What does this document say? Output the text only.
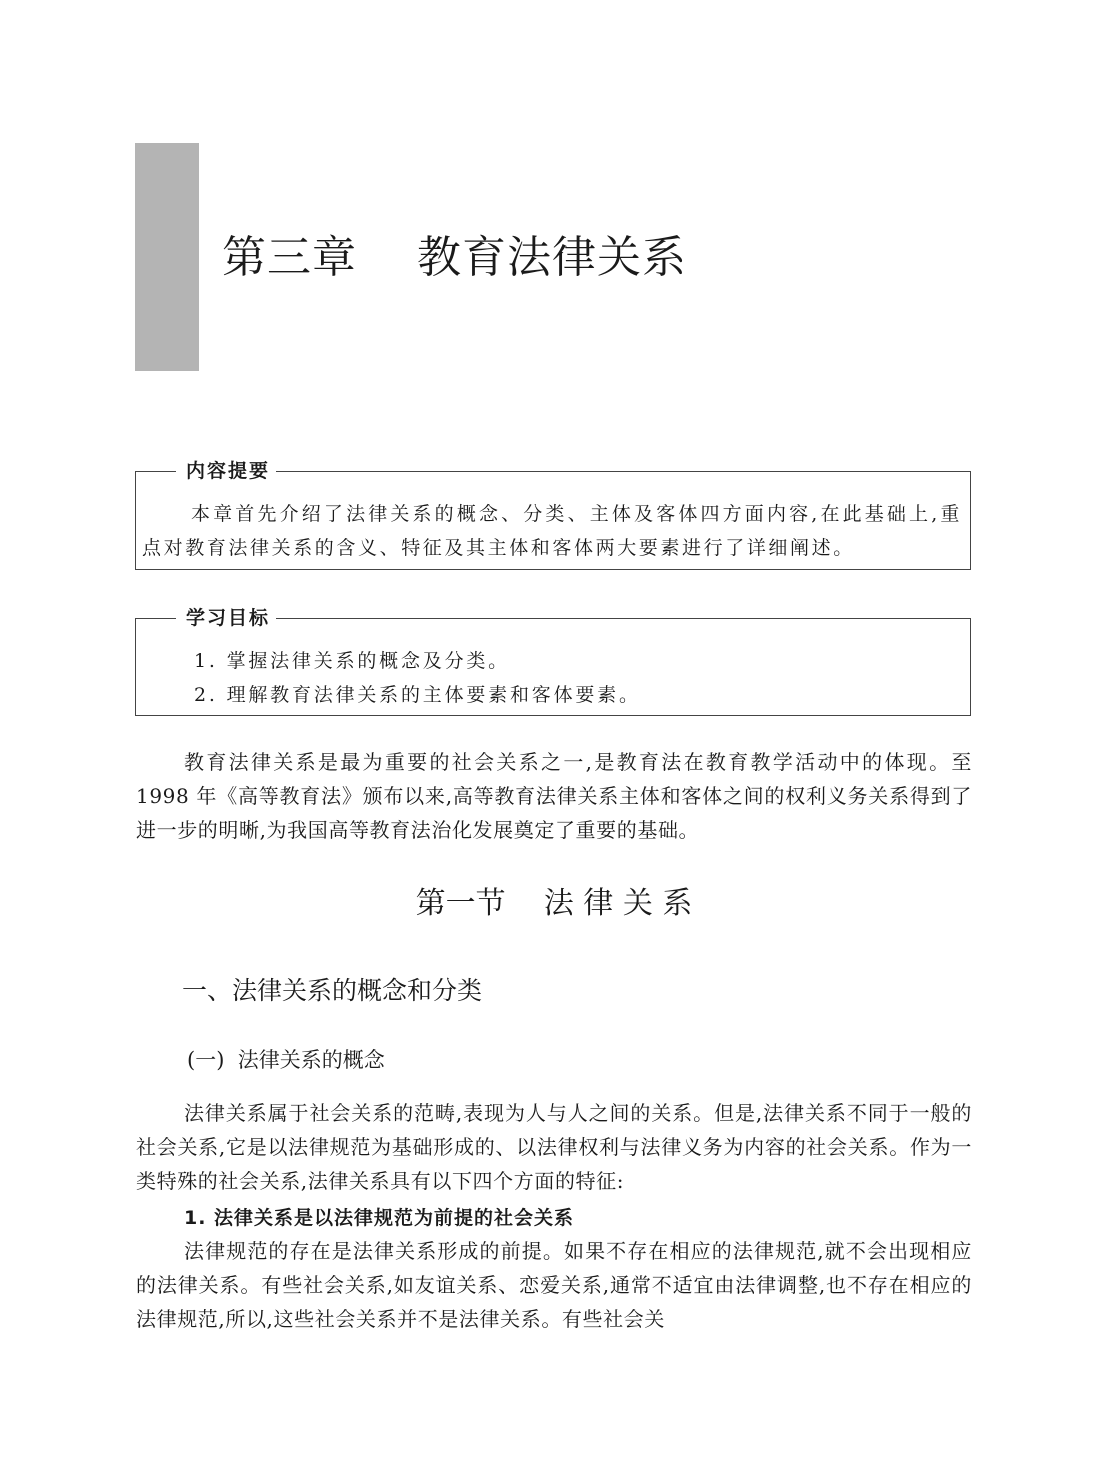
第三章    教育法律关系
内容提要
本章首先介绍了法律关系的概念、分类、主体及客体四方面内容,在此基础上,重点对教育法律关系的含义、特征及其主体和客体两大要素进行了详细阐述。
学习目标
1. 掌握法律关系的概念及分类。
2. 理解教育法律关系的主体要素和客体要素。
教育法律关系是最为重要的社会关系之一,是教育法在教育教学活动中的体现。至 1998 年《高等教育法》颁布以来,高等教育法律关系主体和客体之间的权利义务关系得到了进一步的明晰,为我国高等教育法治化发展奠定了重要的基础。
第一节    法 律 关 系
一、法律关系的概念和分类
(一)  法律关系的概念
法律关系属于社会关系的范畴,表现为人与人之间的关系。但是,法律关系不同于一般的社会关系,它是以法律规范为基础形成的、以法律权利与法律义务为内容的社会关系。作为一类特殊的社会关系,法律关系具有以下四个方面的特征:
1. 法律关系是以法律规范为前提的社会关系
法律规范的存在是法律关系形成的前提。如果不存在相应的法律规范,就不会出现相应的法律关系。有些社会关系,如友谊关系、恋爱关系,通常不适宜由法律调整,也不存在相应的法律规范,所以,这些社会关系并不是法律关系。有些社会关
